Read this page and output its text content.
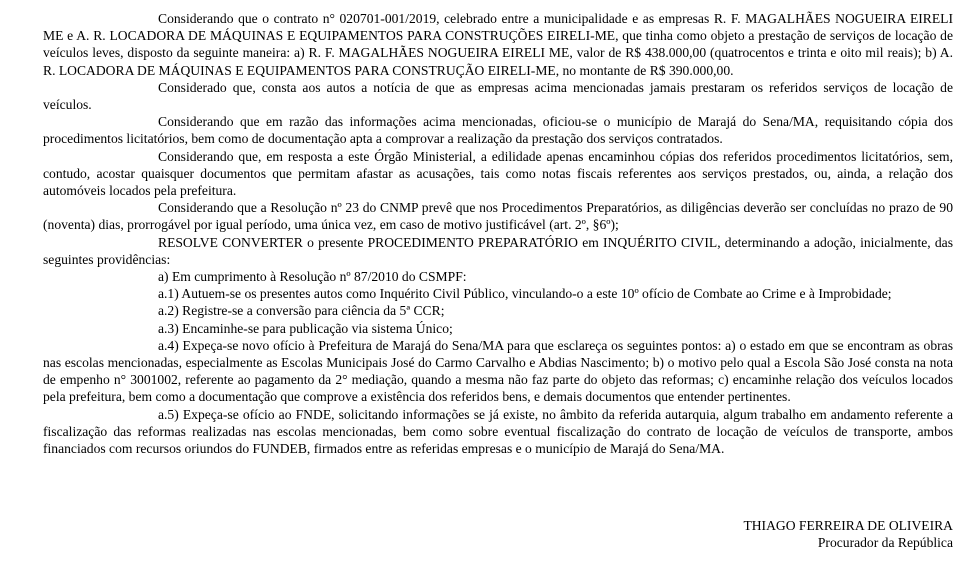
Considerando que o contrato n° 020701-001/2019, celebrado entre a municipalidade e as empresas R. F. MAGALHÃES NOGUEIRA EIRELI ME e A. R. LOCADORA DE MÁQUINAS E EQUIPAMENTOS PARA CONSTRUÇÕES EIRELI-ME, que tinha como objeto a prestação de serviços de locação de veículos leves, disposto da seguinte maneira: a) R. F. MAGALHÃES NOGUEIRA EIRELI ME, valor de R$ 438.000,00 (quatrocentos e trinta e oito mil reais); b) A. R. LOCADORA DE MÁQUINAS E EQUIPAMENTOS PARA CONSTRUÇÃO EIRELI-ME, no montante de R$ 390.000,00.

Considerado que, consta aos autos a notícia de que as empresas acima mencionadas jamais prestaram os referidos serviços de locação de veículos.

Considerando que em razão das informações acima mencionadas, oficiou-se o município de Marajá do Sena/MA, requisitando cópia dos procedimentos licitatórios, bem como de documentação apta a comprovar a realização da prestação dos serviços contratados.

Considerando que, em resposta a este Órgão Ministerial, a edilidade apenas encaminhou cópias dos referidos procedimentos licitatórios, sem, contudo, acostar quaisquer documentos que permitam afastar as acusações, tais como notas fiscais referentes aos serviços prestados, ou, ainda, a relação dos automóveis locados pela prefeitura.

Considerando que a Resolução nº 23 do CNMP prevê que nos Procedimentos Preparatórios, as diligências deverão ser concluídas no prazo de 90 (noventa) dias, prorrogável por igual período, uma única vez, em caso de motivo justificável (art. 2º, §6º);

RESOLVE CONVERTER o presente PROCEDIMENTO PREPARATÓRIO em INQUÉRITO CIVIL, determinando a adoção, inicialmente, das seguintes providências:

a) Em cumprimento à Resolução nº 87/2010 do CSMPF:

a.1) Autuem-se os presentes autos como Inquérito Civil Público, vinculando-o a este 10º ofício de Combate ao Crime e à Improbidade;

a.2) Registre-se a conversão para ciência da 5ª CCR;

a.3) Encaminhe-se para publicação via sistema Único;

a.4) Expeça-se novo ofício à Prefeitura de Marajá do Sena/MA para que esclareça os seguintes pontos: a) o estado em que se encontram as obras nas escolas mencionadas, especialmente as Escolas Municipais José do Carmo Carvalho e Abdias Nascimento; b) o motivo pelo qual a Escola São José consta na nota de empenho n° 3001002, referente ao pagamento da 2° mediação, quando a mesma não faz parte do objeto das reformas; c) encaminhe relação dos veículos locados pela prefeitura, bem como a documentação que comprove a existência dos referidos bens, e demais documentos que entender pertinentes.

a.5) Expeça-se ofício ao FNDE, solicitando informações se já existe, no âmbito da referida autarquia, algum trabalho em andamento referente a fiscalização das reformas realizadas nas escolas mencionadas, bem como sobre eventual fiscalização do contrato de locação de veículos de transporte, ambos financiados com recursos oriundos do FUNDEB, firmados entre as referidas empresas e o município de Marajá do Sena/MA.

THIAGO FERREIRA DE OLIVEIRA
Procurador da República
